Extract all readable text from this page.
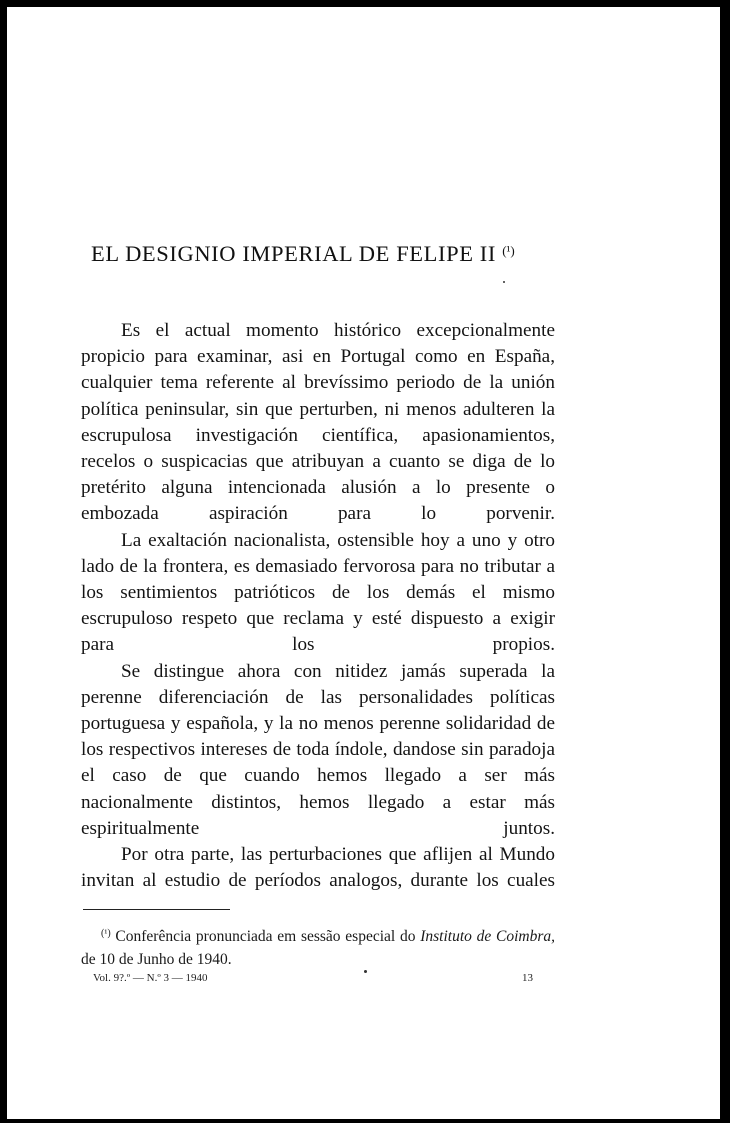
EL DESIGNIO IMPERIAL DE FELIPE II $^{(^1)}$

Es el actual momento histórico excepcionalmente propicio para examinar, asi en Portugal como en España, cualquier tema referente al brevíssimo periodo de la unión política peninsular, sin que perturben, ni menos adulteren la escrupulosa investigación científica, apasionamientos, recelos o suspicacias que atribuyan a cuanto se diga de lo pretérito alguna intencionada alusión a lo presente o embozada aspiración para lo porvenir.

La exaltación nacionalista, ostensible hoy a uno y otro lado de la frontera, es demasiado fervorosa para no tributar a los sentimientos patrióticos de los demás el mismo escrupuloso respeto que reclama y esté dispuesto a exigir para los propios.

Se distingue ahora con nitidez jamás superada la perenne diferenciación de las personalidades políticas portuguesa y española, y la no menos perenne solidaridad de los respectivos intereses de toda índole, dandose sin paradoja el caso de que cuando hemos llegado a ser más nacionalmente distintos, hemos llegado a estar más espiritualmente juntos.

Por otra parte, las perturbaciones que aflijen al Mundo invitan al estudio de períodos analogos, durante los cuales

$^{(^1)}$ Conferência pronunciada em sessão especial do Instituto de Coimbra, de 10 de Junho de 1940.

Vol. 9?.º — N.º 3 — 1940	13
